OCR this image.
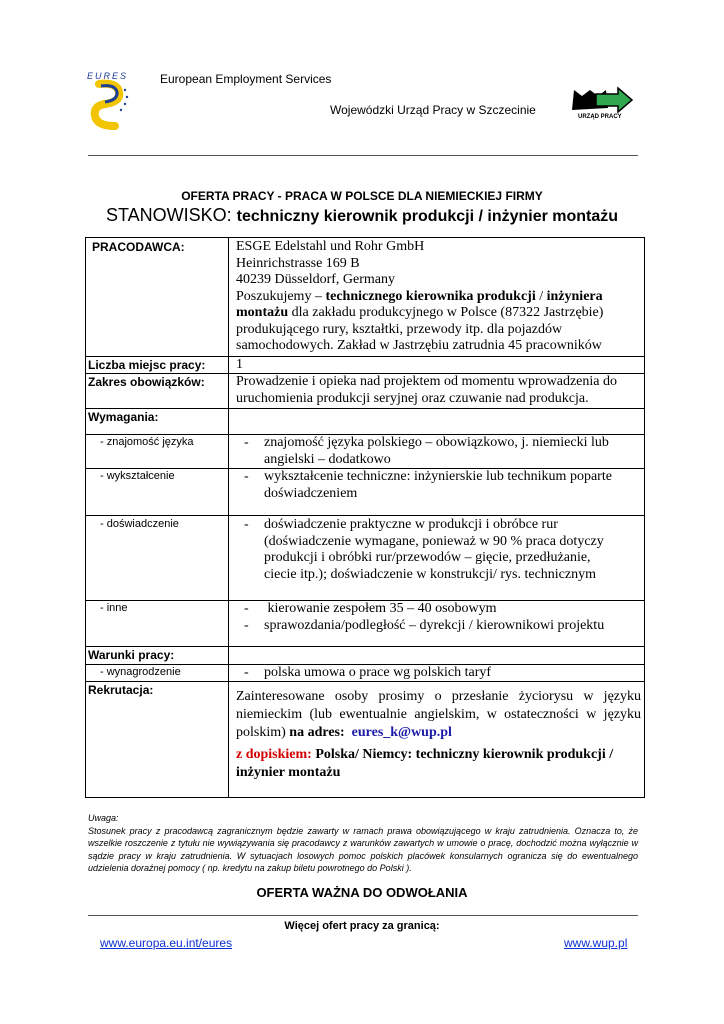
EURES	European Employment Services
Wojewódzki Urząd Pracy w Szczecinie	URZĄD PRACY
OFERTA PRACY - PRACA W POLSCE DLA NIEMIECKIEJ FIRMY
STANOWISKO: techniczny kierownik produkcji / inżynier montażu
PRACODAWCA:	ESGE Edelstahl und Rohr GmbH
Heinrichstrasse 169 B
40239 Düsseldorf, Germany
Poszukujemy – technicznego kierownika produkcji / inżyniera
montażu dla zakładu produkcyjnego w Polsce (87322 Jastrzębie)
produkującego rury, kształtki, przewody itp. dla pojazdów
samochodowych. Zakład w Jastrzębiu zatrudnia 45 pracowników
Liczba miejsc pracy: 1
Zakres obowiązków: Prowadzenie i opieka nad projektem od momentu wprowadzenia do
uruchomienia produkcji seryjnej oraz czuwanie nad produkcja.
Wymagania:
- znajomość języka	- znajomość języka polskiego – obowiązkowo, j. niemiecki lub
angielski – dodatkowo
- wykształcenie	- wykształcenie techniczne: inżynierskie lub technikum poparte
doświadczeniem
- doświadczenie	- doświadczenie praktyczne w produkcji i obróbce rur
(doświadczenie wymagane, ponieważ w 90 % praca dotyczy
produkcji i obróbki rur/przewodów – gięcie, przedłużanie,
ciecie itp.); doświadczenie w konstrukcji/ rys. technicznym
- inne	- kierowanie zespołem 35 – 40 osobowym
- sprawozdania/podległość – dyrekcji / kierownikowi projektu
Warunki pracy:
- wynagrodzenie	- polska umowa o prace wg polskich taryf
Rekrutacja:	Zainteresowane osoby prosimy o przesłanie życiorysu w języku
niemieckim (lub ewentualnie angielskim, w ostateczności w języku
polskim) na adres: eures_k@wup.pl
z dopiskiem: Polska/ Niemcy: techniczny kierownik produkcji /
inżynier montażu
Uwaga:
Stosunek pracy z pracodawcą zagranicznym będzie zawarty w ramach prawa obowiązującego w kraju zatrudnienia. Oznacza to, że wszelkie roszczenie z tytułu nie wywiązywania się pracodawcy z warunków zawartych w umowie o pracę, dochodzić można wyłącznie w sądzie pracy w kraju zatrudnienia. W sytuacjach losowych pomoc polskich placówek konsularnych ogranicza się do ewentualnego udzielenia doraźnej pomocy ( np. kredytu na zakup biletu powrotnego do Polski ).
OFERTA WAŻNA DO ODWOŁANIA
Więcej ofert pracy za granicą:
www.europa.eu.int/eures	www.wup.pl
